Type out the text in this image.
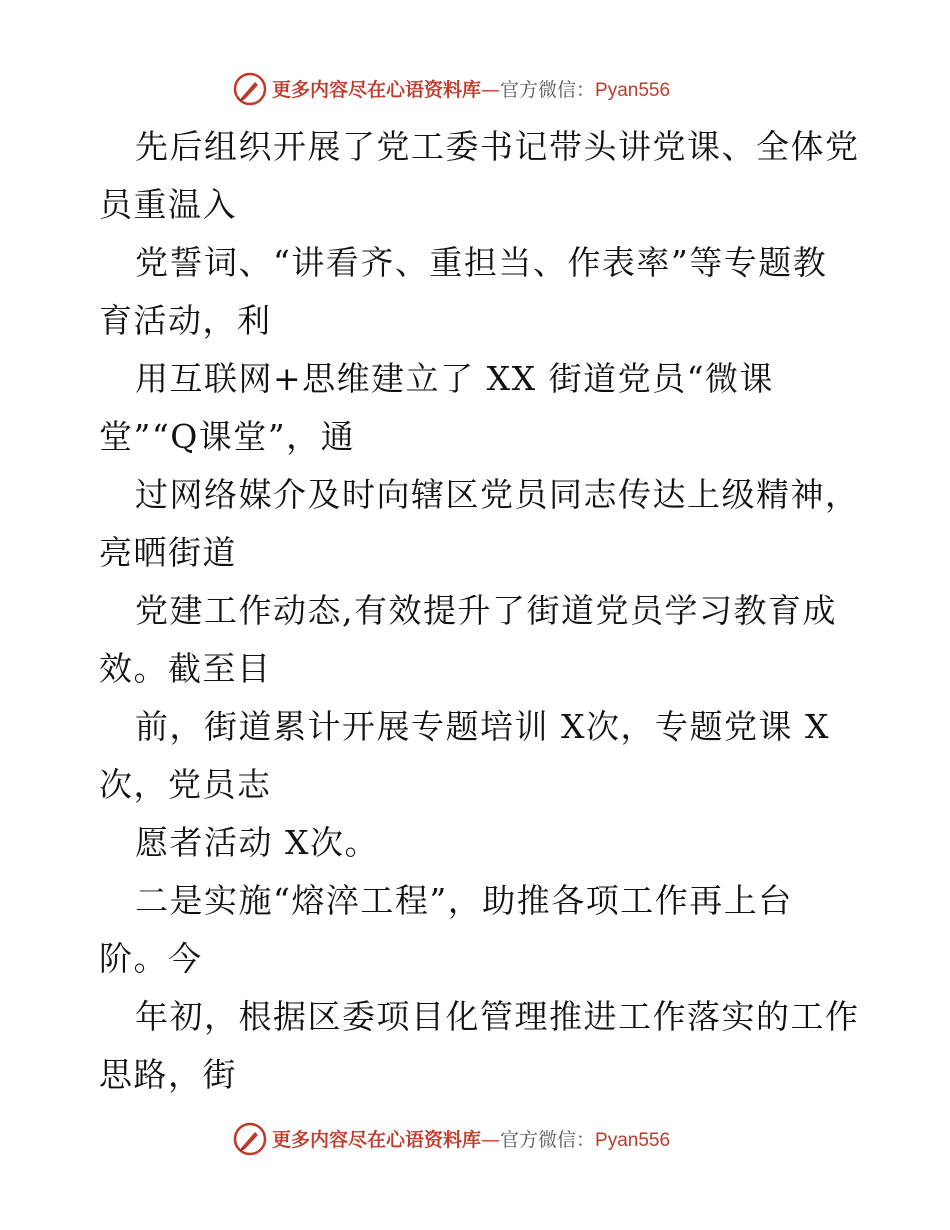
更多内容尽在心语资料库—官方微信：Pyan556
先后组织开展了党工委书记带头讲党课、全体党
员重温入
党誓词、“讲看齐、重担当、作表率”等专题教
育活动，利
用互联网+思维建立了 XX 街道党员“微课
堂”“Q课堂”，通
过网络媒介及时向辖区党员同志传达上级精神，
亮晒街道
党建工作动态,有效提升了街道党员学习教育成
效。截至目
前，街道累计开展专题培训 X次，专题党课 X
次，党员志
愿者活动 X次。
二是实施“熔淬工程”，助推各项工作再上台
阶。今
年初，根据区委项目化管理推进工作落实的工作
思路，街
更多内容尽在心语资料库—官方微信：Pyan556
